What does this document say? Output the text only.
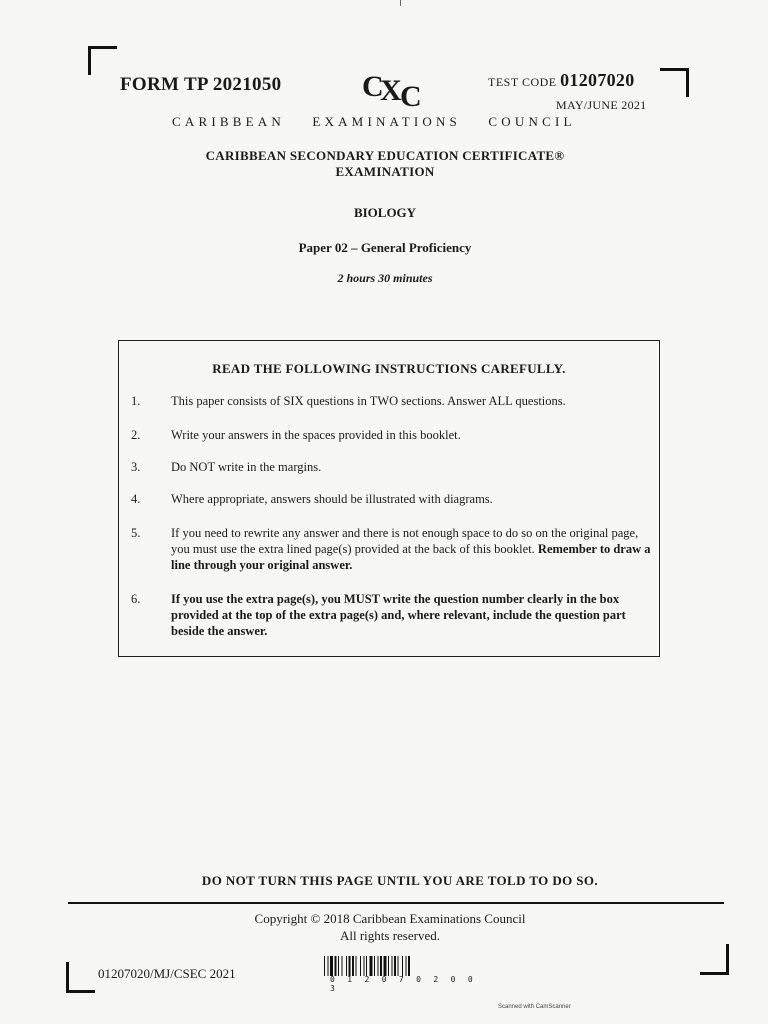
FORM TP 2021050	C
X
C	TEST CODE 01207020
MAY/JUNE 2021
CARIBBEAN EXAMINATIONS COUNCIL
CARIBBEAN SECONDARY EDUCATION CERTIFICATE®
EXAMINATION
BIOLOGY
Paper 02 – General Proficiency
2 hours 30 minutes
READ THE FOLLOWING INSTRUCTIONS CAREFULLY.
1. This paper consists of SIX questions in TWO sections. Answer ALL questions.
2. Write your answers in the spaces provided in this booklet.
3. Do NOT write in the margins.
4. Where appropriate, answers should be illustrated with diagrams.
5. If you need to rewrite any answer and there is not enough space to do so on the original page, you must use the extra lined page(s) provided at the back of this booklet. Remember to draw a line through your original answer.
6. If you use the extra page(s), you MUST write the question number clearly in the box provided at the top of the extra page(s) and, where relevant, include the question part beside the answer.
DO NOT TURN THIS PAGE UNTIL YOU ARE TOLD TO DO SO.
Copyright © 2018 Caribbean Examinations Council
All rights reserved.
01207020/MJ/CSEC 2021	0 1 2 0 7 0 2 0 0 3
Scanned with CamScanner
